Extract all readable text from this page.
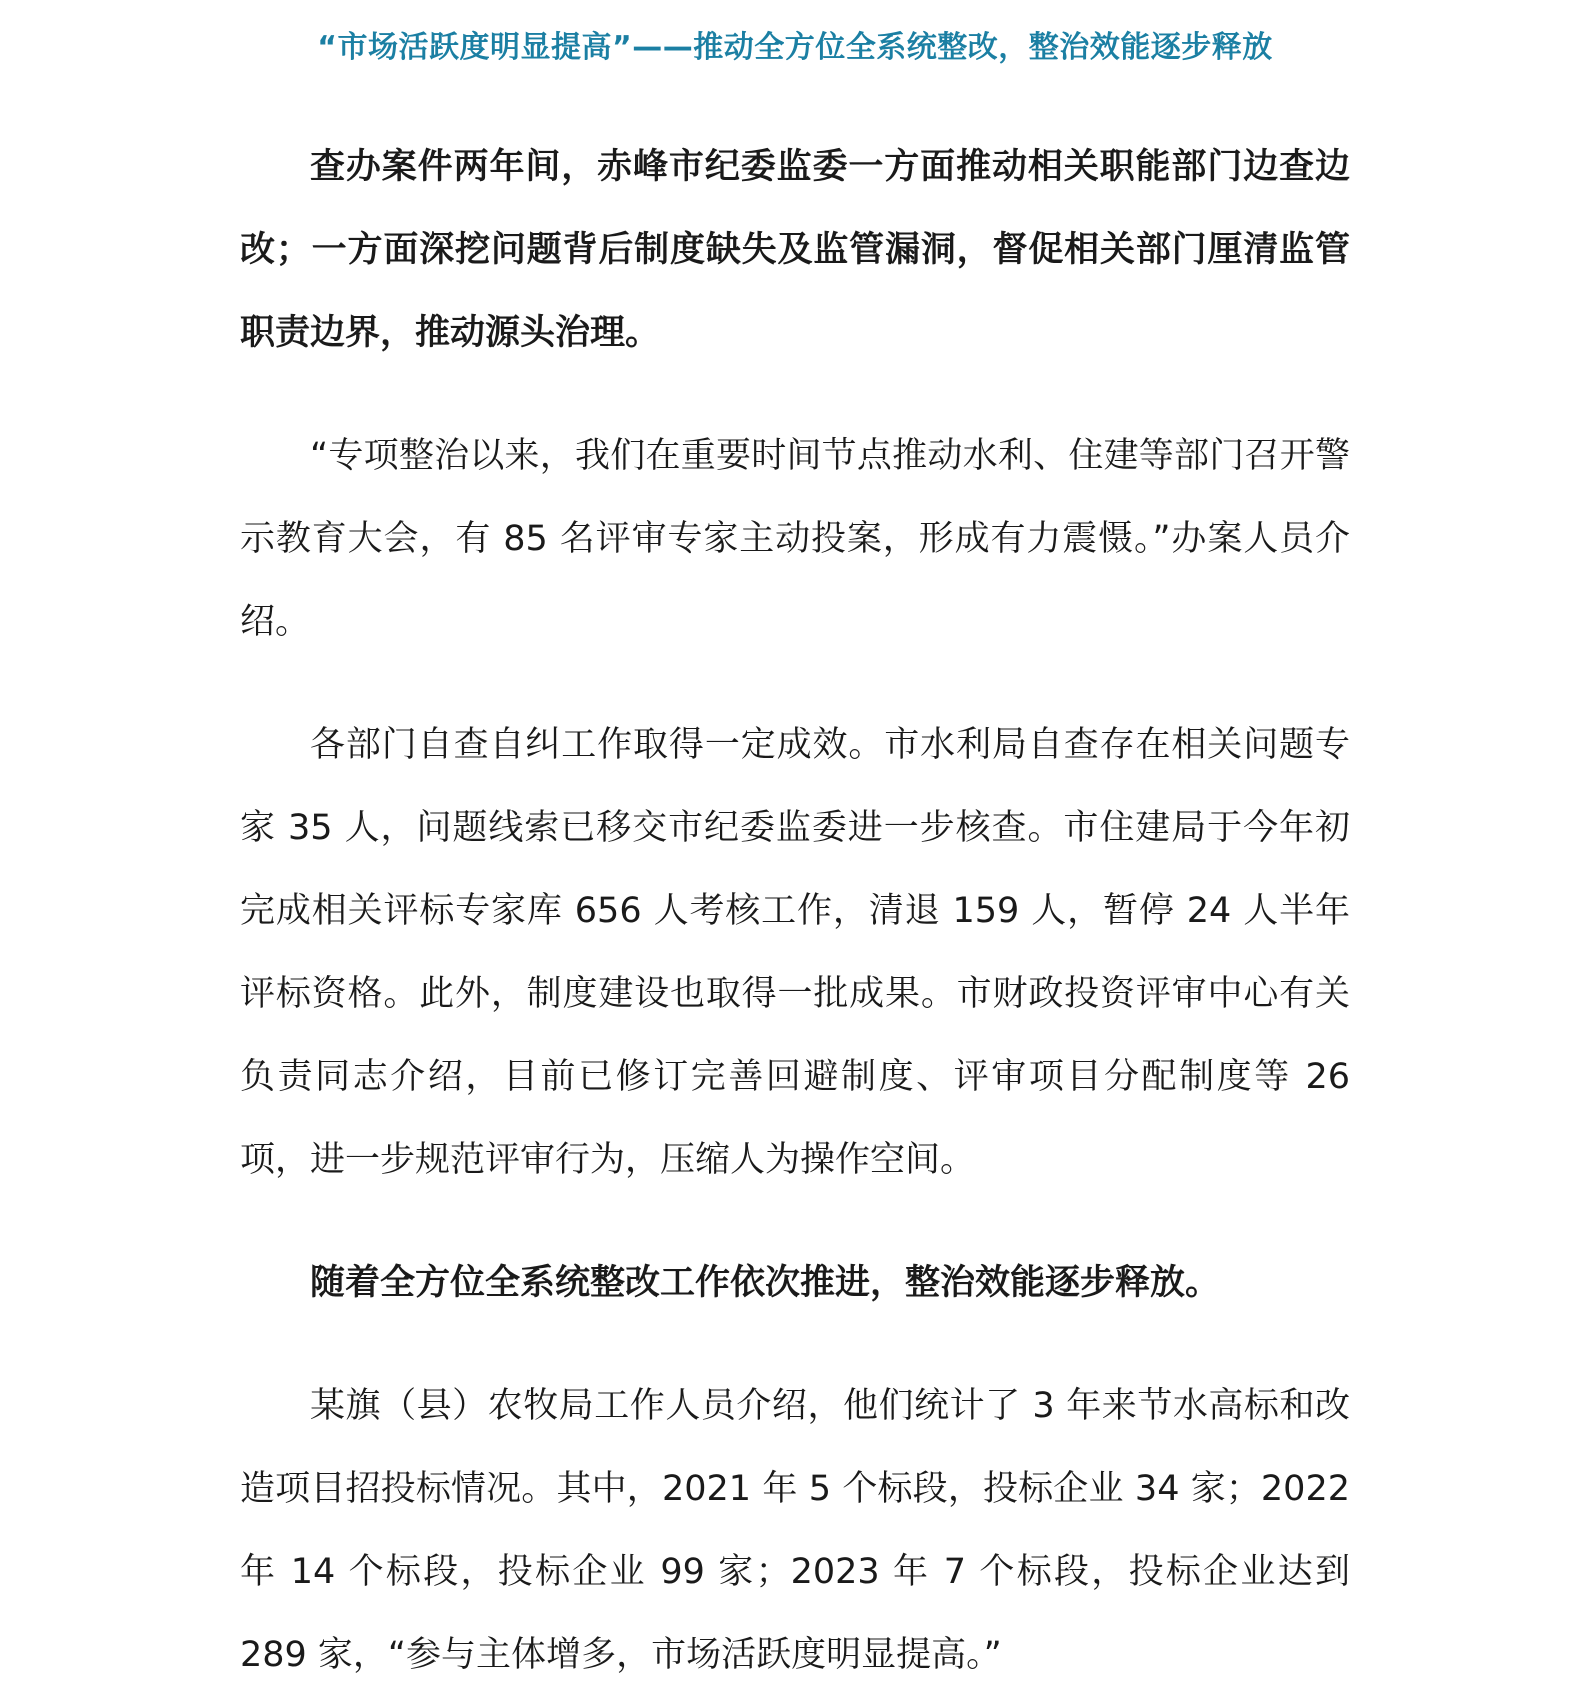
“市场活跃度明显提高”——推动全方位全系统整改，整治效能逐步释放

查办案件两年间，赤峰市纪委监委一方面推动相关职能部门边查边改；一方面深挖问题背后制度缺失及监管漏洞，督促相关部门厘清监管职责边界，推动源头治理。

“专项整治以来，我们在重要时间节点推动水利、住建等部门召开警示教育大会，有 85 名评审专家主动投案，形成有力震慑。”办案人员介绍。

各部门自查自纠工作取得一定成效。市水利局自查存在相关问题专家 35 人，问题线索已移交市纪委监委进一步核查。市住建局于今年初完成相关评标专家库 656 人考核工作，清退 159 人，暂停 24 人半年评标资格。此外，制度建设也取得一批成果。市财政投资评审中心有关负责同志介绍，目前已修订完善回避制度、评审项目分配制度等 26 项，进一步规范评审行为，压缩人为操作空间。

随着全方位全系统整改工作依次推进，整治效能逐步释放。

某旗（县）农牧局工作人员介绍，他们统计了 3 年来节水高标和改造项目招投标情况。其中，2021 年 5 个标段，投标企业 34 家；2022 年 14 个标段，投标企业 99 家；2023 年 7 个标段，投标企业达到 289 家，“参与主体增多，市场活跃度明显提高。”
